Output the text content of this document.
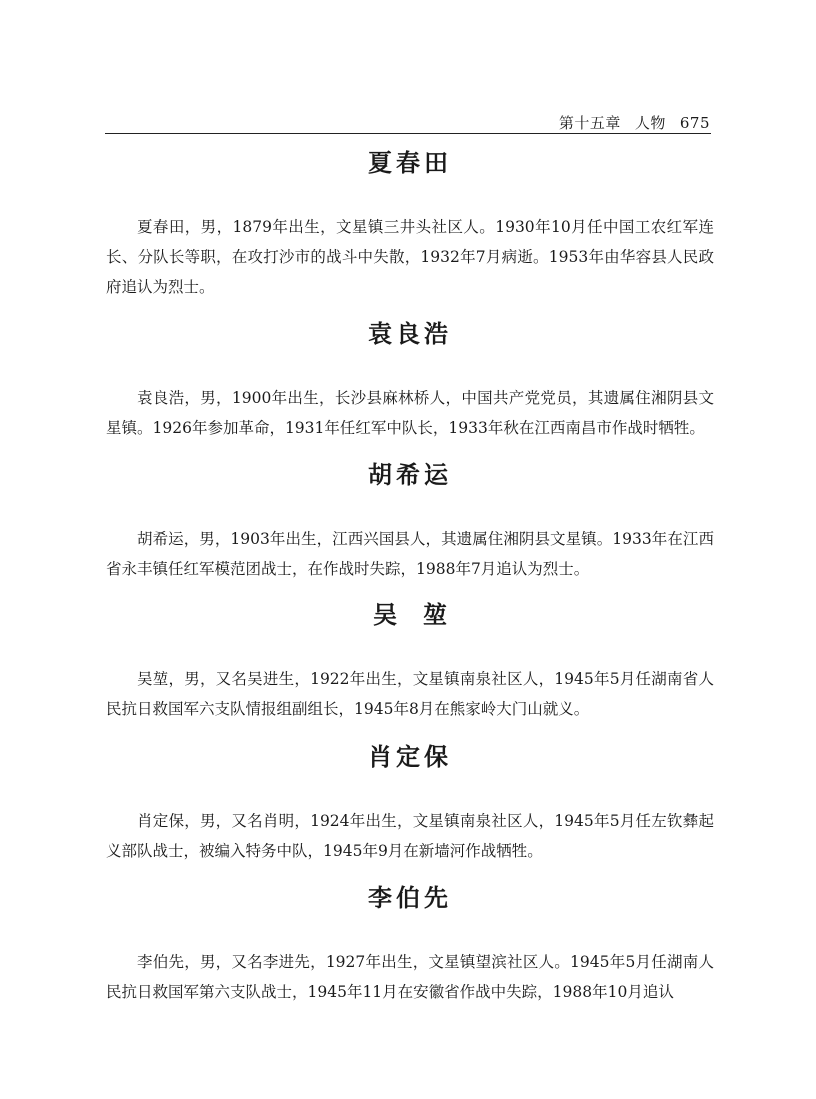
第十五章 人物 675
夏春田

夏春田，男，1879年出生，文星镇三井头社区人。1930年10月任中国工农红军连长、分队长等职，在攻打沙市的战斗中失散，1932年7月病逝。1953年由华容县人民政府追认为烈士。

袁良浩

袁良浩，男，1900年出生，长沙县麻林桥人，中国共产党党员，其遗属住湘阴县文星镇。1926年参加革命，1931年任红军中队长，1933年秋在江西南昌市作战时牺牲。

胡希运

胡希运，男，1903年出生，江西兴国县人，其遗属住湘阴县文星镇。1933年在江西省永丰镇任红军模范团战士，在作战时失踪，1988年7月追认为烈士。

吴堃

吴堃，男，又名吴进生，1922年出生，文星镇南泉社区人，1945年5月任湖南省人民抗日救国军六支队情报组副组长，1945年8月在熊家岭大门山就义。

肖定保

肖定保，男，又名肖明，1924年出生，文星镇南泉社区人，1945年5月任左钦彝起义部队战士，被编入特务中队，1945年9月在新墙河作战牺牲。

李伯先

李伯先，男，又名李进先，1927年出生，文星镇望滨社区人。1945年5月任湖南人民抗日救国军第六支队战士，1945年11月在安徽省作战中失踪，1988年10月追认
